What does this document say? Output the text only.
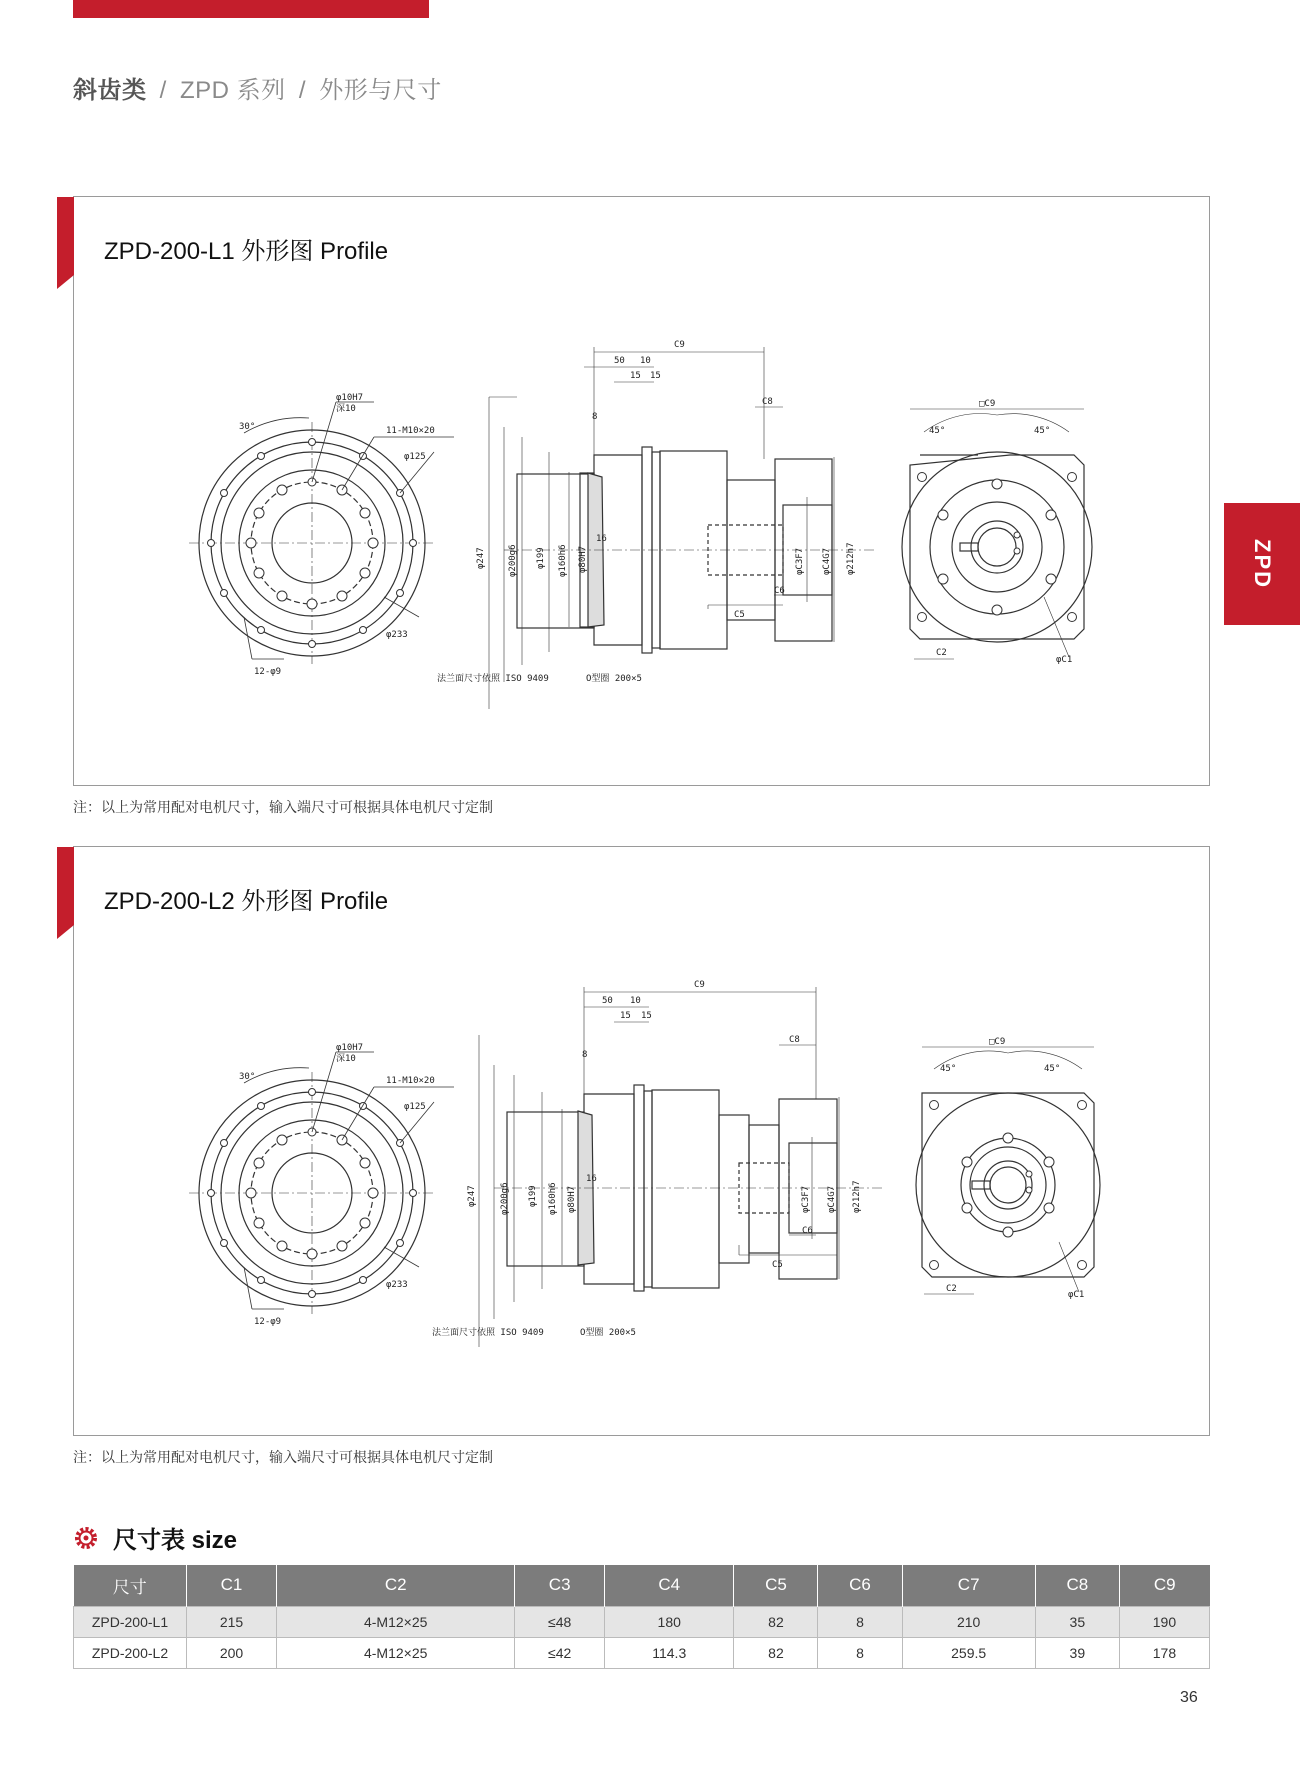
斜齿类 / ZPD 系列 / 外形与尺寸
ZPD
ZPD-200-L1 外形图 Profile
30°
φ10H7
深10
11-M10×20
φ125
φ233
12-φ9
C9
50 10
15 15
8
C8
16
φ247 φ200g6 φ199 φ160h6 φ80H7	φC3F7 φC4G7 φ212h7
C6
C5
法兰面尺寸依照 ISO 9409	O型圈 200×5
□C9
45°	45°
C2
φC1
注：以上为常用配对电机尺寸，输入端尺寸可根据具体电机尺寸定制
ZPD-200-L2 外形图 Profile
30°
φ10H7
深10
11-M10×20
φ125
φ233
12-φ9
C9
50 10
15 15
8
C8
16
φ247	φ200g6 φ199 φ160h6 φ80H7	φC3F7 φC4G7 φ212h7
C6
C5
法兰面尺寸依照 ISO 9409	O型圈 200×5
□C9
45°	45°
C2
φC1
注：以上为常用配对电机尺寸，输入端尺寸可根据具体电机尺寸定制
尺寸表 size
尺寸	C1	C2	C3	C4	C5	C6	C7	C8	C9
ZPD-200-L1	215	4-M12×25	≤48	180	82	8	210	35	190
ZPD-200-L2	200	4-M12×25	≤42	114.3	82	8	259.5	39	178
36
